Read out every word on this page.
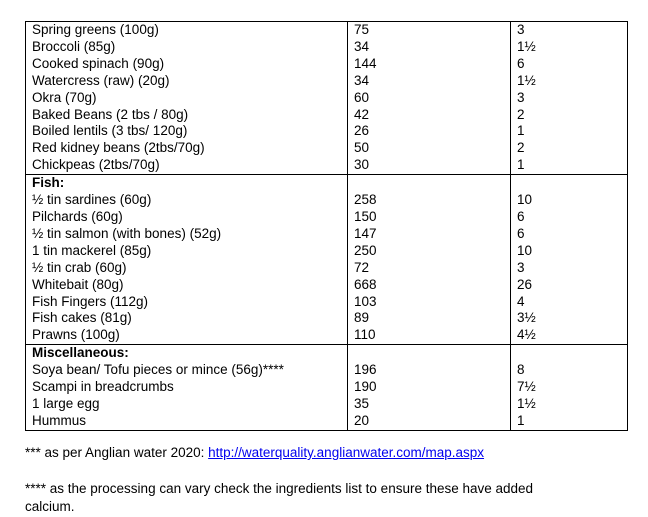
Spring greens (100g)	75	3
Broccoli (85g)	34	1½
Cooked spinach (90g)	144	6
Watercress (raw) (20g)	34	1½
Okra (70g)	60	3
Baked Beans (2 tbs / 80g)	42	2
Boiled lentils (3 tbs/ 120g)	26	1
Red kidney beans (2tbs/70g)	50	2
Chickpeas (2tbs/70g)	30	1
Fish:		
½ tin sardines (60g)	258	10
Pilchards (60g)	150	6
½ tin salmon (with bones) (52g)	147	6
1 tin mackerel (85g)	250	10
½ tin crab (60g)	72	3
Whitebait (80g)	668	26
Fish Fingers (112g)	103	4
Fish cakes (81g)	89	3½
Prawns (100g)	110	4½
Miscellaneous:		
Soya bean/ Tofu pieces or mince (56g)****	196	8
Scampi in breadcrumbs	190	7½
1 large egg	35	1½
Hummus	20	1

*** as per Anglian water 2020: http://waterquality.anglianwater.com/map.aspx
**** as the processing can vary check the ingredients list to ensure these have added
calcium.
